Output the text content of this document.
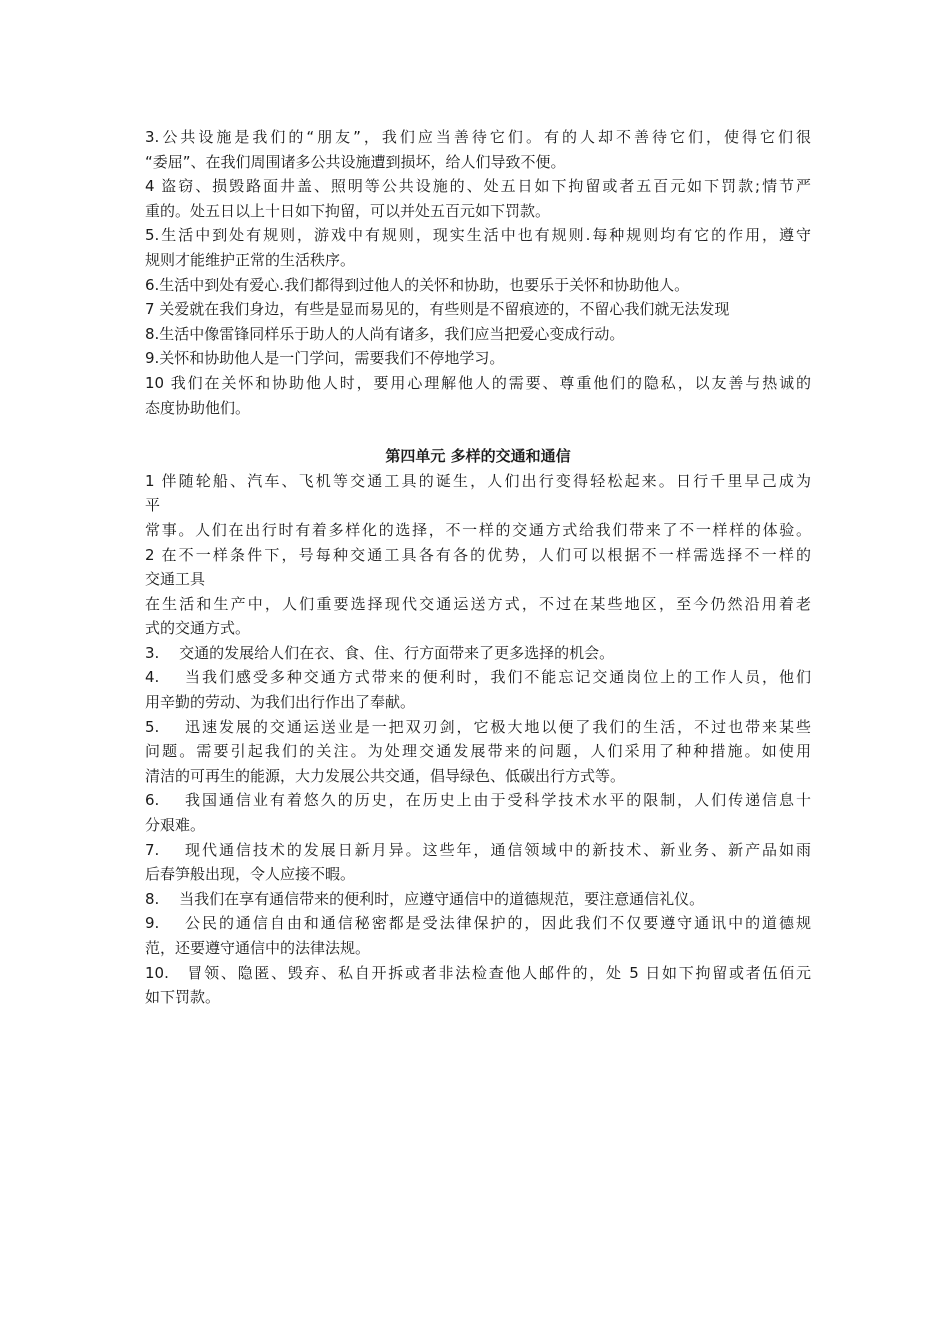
3.公共设施是我们的“朋友”，我们应当善待它们。有的人却不善待它们，使得它们很
“委屈”、在我们周围诸多公共设施遭到损坏，给人们导致不便。
4 盗窃、损毁路面井盖、照明等公共设施的、处五日如下拘留或者五百元如下罚款;情节严
重的。处五日以上十日如下拘留，可以并处五百元如下罚款。
5.生活中到处有规则，游戏中有规则，现实生活中也有规则.每种规则均有它的作用，遵守
规则才能维护正常的生活秩序。
6.生活中到处有爱心.我们都得到过他人的关怀和协助，也要乐于关怀和协助他人。
7 关爱就在我们身边，有些是显而易见的，有些则是不留痕迹的，不留心我们就无法发现
8.生活中像雷锋同样乐于助人的人尚有诸多，我们应当把爱心变成行动。
9.关怀和协助他人是一门学问，需要我们不停地学习。
10 我们在关怀和协助他人时，要用心理解他人的需要、尊重他们的隐私，以友善与热诚的
态度协助他们。
第四单元 多样的交通和通信
1 伴随轮船、汽车、飞机等交通工具的诞生，人们出行变得轻松起来。日行千里早己成为
平
常事。人们在出行时有着多样化的选择，不一样的交通方式给我们带来了不一样样的体验。
2 在不一样条件下，号每种交通工具各有各的优势，人们可以根据不一样需选择不一样的
交通工具
在生活和生产中，人们重要选择现代交通运送方式，不过在某些地区，至今仍然沿用着老
式的交通方式。
3.　 交通的发展给人们在衣、食、住、行方面带来了更多选择的机会。
4.　 当我们感受多种交通方式带来的便利时，我们不能忘记交通岗位上的工作人员，他们
用辛勤的劳动、为我们出行作出了奉献。
5.　 迅速发展的交通运送业是一把双刃剑，它极大地以便了我们的生活，不过也带来某些
问题。需要引起我们的关注。为处理交通发展带来的问题，人们采用了种种措施。如使用
清洁的可再生的能源，大力发展公共交通，倡导绿色、低碳出行方式等。
6.　 我国通信业有着悠久的历史，在历史上由于受科学技术水平的限制，人们传递信息十
分艰难。
7.　 现代通信技术的发展日新月异。这些年，通信领域中的新技术、新业务、新产品如雨
后春笋般出现，令人应接不暇。
8.　 当我们在享有通信带来的便利时，应遵守通信中的道德规范，要注意通信礼仪。
9.　 公民的通信自由和通信秘密都是受法律保护的，因此我们不仅要遵守通讯中的道德规
范，还要遵守通信中的法律法规。
10.　冒领、隐匿、毁弃、私自开拆或者非法检查他人邮件的，处 5 日如下拘留或者伍佰元
如下罚款。
